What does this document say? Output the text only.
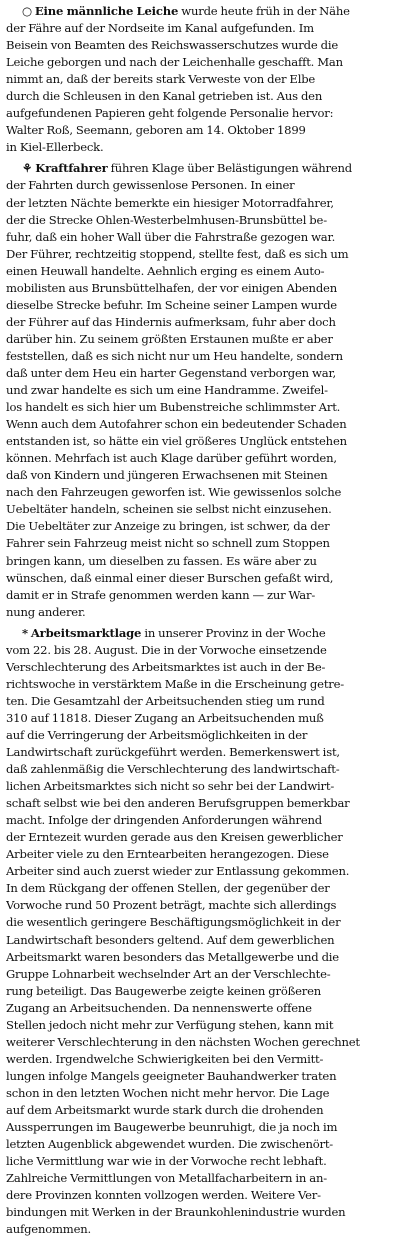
○ Eine männliche Leiche wurde heute früh in der Nähe
der Fähre auf der Nordseite im Kanal aufgefunden. Im
Beisein von Beamten des Reichswasserschutzes wurde die
Leiche geborgen und nach der Leichenhalle geschafft. Man
nimmt an, daß der bereits stark Verweste von der Elbe
durch die Schleusen in den Kanal getrieben ist. Aus den
aufgefundenen Papieren geht folgende Personalie hervor:
Walter Roß, Seemann, geboren am 14. Oktober 1899
in Kiel-Ellerbeck.
⚘ Kraftfahrer führen Klage über Belästigungen während
der Fahrten durch gewissenlose Personen. In einer
der letzten Nächte bemerkte ein hiesiger Motorradfahrer,
der die Strecke Ohlen-Westerbelmhusen-Brunsbüttel be-
fuhr, daß ein hoher Wall über die Fahrstraße gezogen war.
Der Führer, rechtzeitig stoppend, stellte fest, daß es sich um
einen Heuwall handelte. Aehnlich erging es einem Auto-
mobilisten aus Brunsbüttelhafen, der vor einigen Abenden
dieselbe Strecke befuhr. Im Scheine seiner Lampen wurde
der Führer auf das Hindernis aufmerksam, fuhr aber doch
darüber hin. Zu seinem größten Erstaunen mußte er aber
feststellen, daß es sich nicht nur um Heu handelte, sondern
daß unter dem Heu ein harter Gegenstand verborgen war,
und zwar handelte es sich um eine Handramme. Zweifel-
los handelt es sich hier um Bubenstreiche schlimmster Art.
Wenn auch dem Autofahrer schon ein bedeutender Schaden
entstanden ist, so hätte ein viel größeres Unglück entstehen
können. Mehrfach ist auch Klage darüber geführt worden,
daß von Kindern und jüngeren Erwachsenen mit Steinen
nach den Fahrzeugen geworfen ist. Wie gewissenlos solche
Uebeltäter handeln, scheinen sie selbst nicht einzusehen.
Die Uebeltäter zur Anzeige zu bringen, ist schwer, da der
Fahrer sein Fahrzeug meist nicht so schnell zum Stoppen
bringen kann, um dieselben zu fassen. Es wäre aber zu
wünschen, daß einmal einer dieser Burschen gefaßt wird,
damit er in Strafe genommen werden kann — zur War-
nung anderer.
* Arbeitsmarktlage in unserer Provinz in der Woche
vom 22. bis 28. August. Die in der Vorwoche einsetzende
Verschlechterung des Arbeitsmarktes ist auch in der Be-
richtswoche in verstärktem Maße in die Erscheinung getre-
ten. Die Gesamtzahl der Arbeitsuchenden stieg um rund
310 auf 11818. Dieser Zugang an Arbeitsuchenden muß
auf die Verringerung der Arbeitsmöglichkeiten in der
Landwirtschaft zurückgeführt werden. Bemerkenswert ist,
daß zahlenmäßig die Verschlechterung des landwirtschaft-
lichen Arbeitsmarktes sich nicht so sehr bei der Landwirt-
schaft selbst wie bei den anderen Berufsgruppen bemerkbar
macht. Infolge der dringenden Anforderungen während
der Erntezeit wurden gerade aus den Kreisen gewerblicher
Arbeiter viele zu den Erntearbeiten herangezogen. Diese
Arbeiter sind auch zuerst wieder zur Entlassung gekommen.
In dem Rückgang der offenen Stellen, der gegenüber der
Vorwoche rund 50 Prozent beträgt, machte sich allerdings
die wesentlich geringere Beschäftigungsmöglichkeit in der
Landwirtschaft besonders geltend. Auf dem gewerblichen
Arbeitsmarkt waren besonders das Metallgewerbe und die
Gruppe Lohnarbeit wechselnder Art an der Verschlechte-
rung beteiligt. Das Baugewerbe zeigte keinen größeren
Zugang an Arbeitsuchenden. Da nennenswerte offene
Stellen jedoch nicht mehr zur Verfügung stehen, kann mit
weiterer Verschlechterung in den nächsten Wochen gerechnet
werden. Irgendwelche Schwierigkeiten bei den Vermitt-
lungen infolge Mangels geeigneter Bauhandwerker traten
schon in den letzten Wochen nicht mehr hervor. Die Lage
auf dem Arbeitsmarkt wurde stark durch die drohenden
Aussperrungen im Baugewerbe beunruhigt, die ja noch im
letzten Augenblick abgewendet wurden. Die zwischenört-
liche Vermittlung war wie in der Vorwoche recht lebhaft.
Zahlreiche Vermittlungen von Metallfacharbeitern in an-
dere Provinzen konnten vollzogen werden. Weitere Ver-
bindungen mit Werken in der Braunkohlenindustrie wurden
aufgenommen.
